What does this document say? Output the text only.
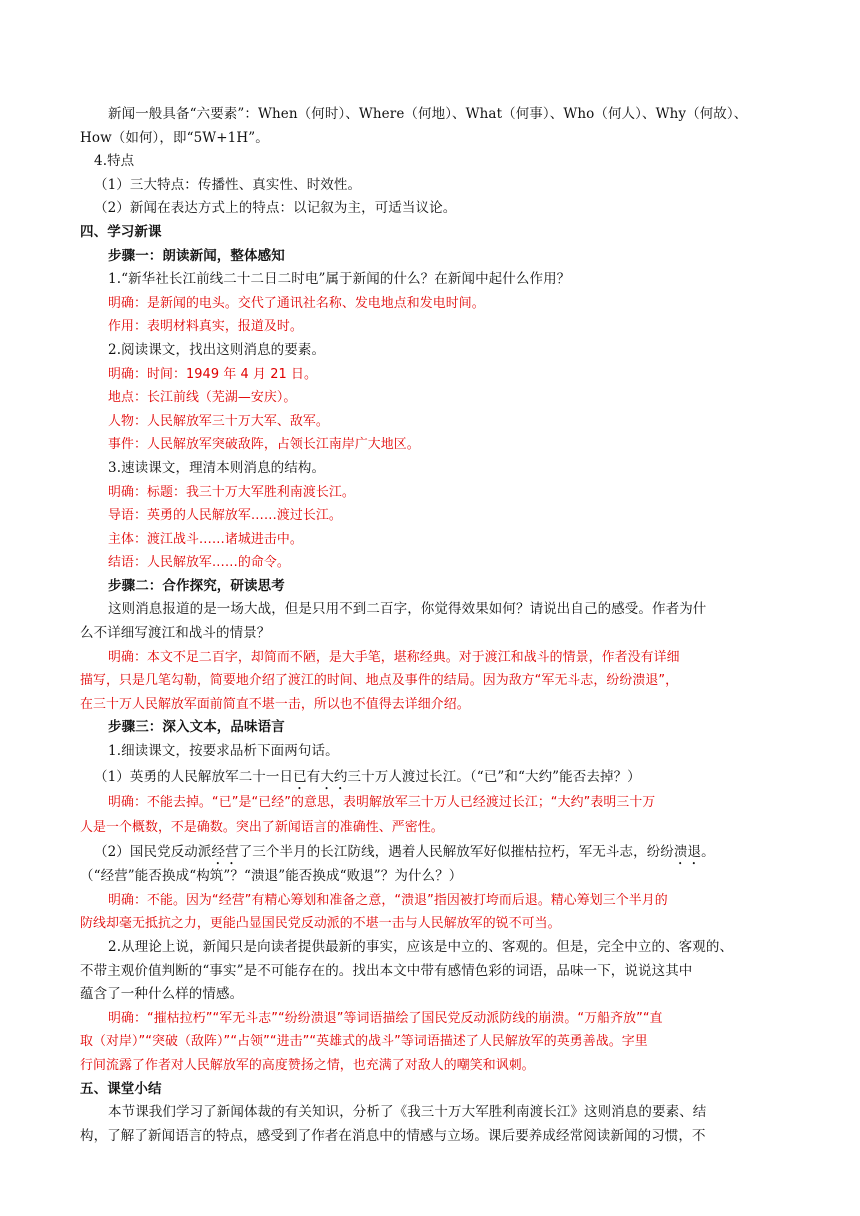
新闻一般具备“六要素”：When（何时）、Where（何地）、What（何事）、Who（何人）、Why（何故）、
How（如何），即“5W+1H”。
4.特点
（1）三大特点：传播性、真实性、时效性。
（2）新闻在表达方式上的特点：以记叙为主，可适当议论。
四、学习新课
步骤一：朗读新闻，整体感知
1.“新华社长江前线二十二日二时电”属于新闻的什么？在新闻中起什么作用？
明确：是新闻的电头。交代了通讯社名称、发电地点和发电时间。
作用：表明材料真实，报道及时。
2.阅读课文，找出这则消息的要素。
明确：时间：1949 年 4 月 21 日。
地点：长江前线（芜湖—安庆）。
人物：人民解放军三十万大军、敌军。
事件：人民解放军突破敌阵，占领长江南岸广大地区。
3.速读课文，理清本则消息的结构。
明确：标题：我三十万大军胜利南渡长江。
导语：英勇的人民解放军……渡过长江。
主体：渡江战斗……诸城进击中。
结语：人民解放军……的命令。
步骤二：合作探究，研读思考
这则消息报道的是一场大战，但是只用不到二百字，你觉得效果如何？请说出自己的感受。作者为什
么不详细写渡江和战斗的情景？
明确：本文不足二百字，却简而不陋，是大手笔，堪称经典。对于渡江和战斗的情景，作者没有详细
描写，只是几笔勾勒，简要地介绍了渡江的时间、地点及事件的结局。因为敌方“军无斗志，纷纷溃退”，
在三十万人民解放军面前简直不堪一击，所以也不值得去详细介绍。
步骤三：深入文本，品味语言
1.细读课文，按要求品析下面两句话。
（1）英勇的人民解放军二十一日已有大约三十万人渡过长江。（“已”和“大约”能否去掉？）
明确：不能去掉。“已”是“已经”的意思，表明解放军三十万人已经渡过长江；“大约”表明三十万
人是一个概数，不是确数。突出了新闻语言的准确性、严密性。
（2）国民党反动派经营了三个半月的长江防线，遇着人民解放军好似摧枯拉朽，军无斗志，纷纷溃退。
（“经营”能否换成“构筑”？“溃退”能否换成“败退”？为什么？）
明确：不能。因为“经营”有精心筹划和准备之意，“溃退”指因被打垮而后退。精心筹划三个半月的
防线却毫无抵抗之力，更能凸显国民党反动派的不堪一击与人民解放军的锐不可当。
2.从理论上说，新闻只是向读者提供最新的事实，应该是中立的、客观的。但是，完全中立的、客观的、
不带主观价值判断的“事实”是不可能存在的。找出本文中带有感情色彩的词语，品味一下，说说这其中
蕴含了一种什么样的情感。
明确：“摧枯拉朽”“军无斗志”“纷纷溃退”等词语描绘了国民党反动派防线的崩溃。“万船齐放”“直
取（对岸）”“突破（敌阵）”“占领”“进击”“英雄式的战斗”等词语描述了人民解放军的英勇善战。字里
行间流露了作者对人民解放军的高度赞扬之情，也充满了对敌人的嘲笑和讽刺。
五、课堂小结
本节课我们学习了新闻体裁的有关知识，分析了《我三十万大军胜利南渡长江》这则消息的要素、结
构，了解了新闻语言的特点，感受到了作者在消息中的情感与立场。课后要养成经常阅读新闻的习惯，不
